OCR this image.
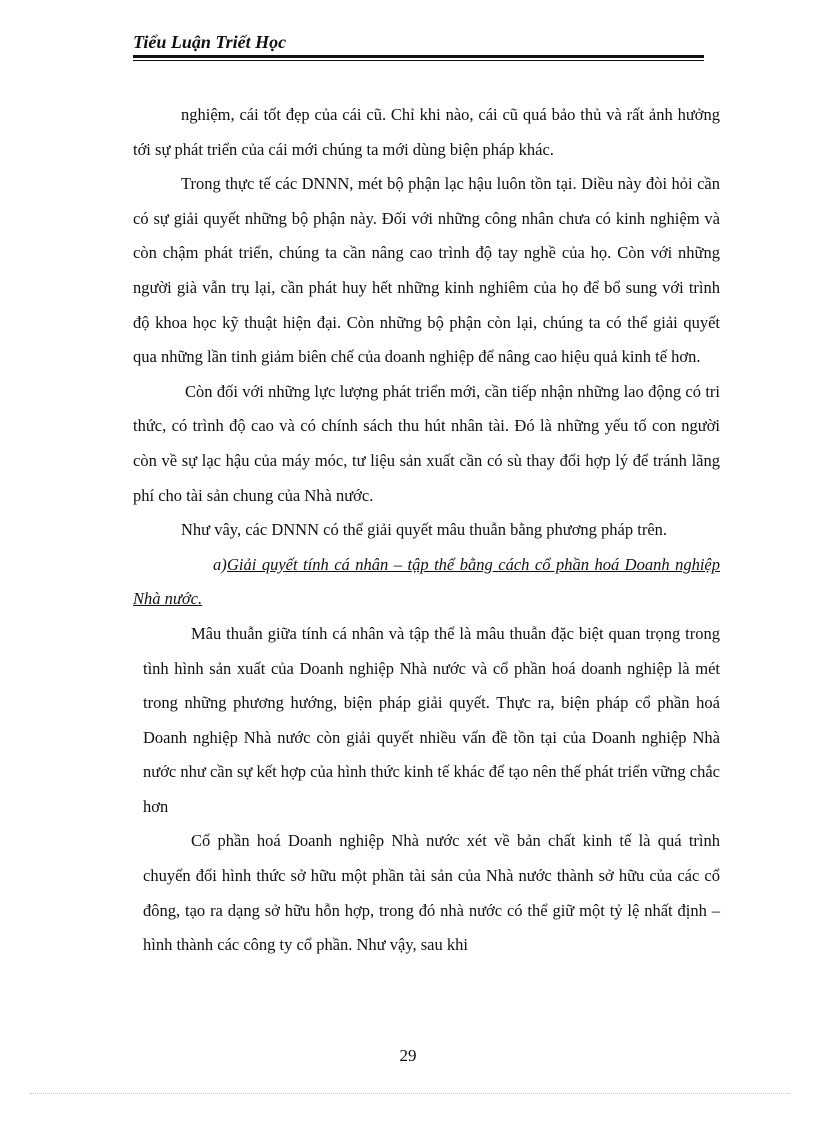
Tiểu Luận Triết Học

nghiệm, cái tốt đẹp của cái cũ. Chỉ khi nào, cái cũ quá bảo thủ và rất ảnh hưởng tới sự phát triển của cái mới chúng ta mới dùng biện pháp khác.

Trong thực tế các DNNN, mét bộ phận lạc hậu luôn tồn tại. Diều này đòi hỏi cần có sự giải quyết những bộ phận này. Đối với những công nhân chưa có kinh nghiệm và còn chậm phát triển, chúng ta cần nâng cao trình độ tay nghề của họ. Còn với những người già vẫn trụ lại, cần phát huy hết những kinh nghiêm của họ để bổ sung với trình độ khoa học kỹ thuật hiện đại. Còn những bộ phận còn lại, chúng ta có thể giải quyết qua những lần tinh giảm biên chế của doanh nghiệp để nâng cao hiệu quả kinh tế hơn.

Còn đối với những lực lượng phát triển mới, cần tiếp nhận những lao động có tri thức, có trình độ cao và có chính sách thu hút nhân tài. Đó là những yếu tố con người còn về sự lạc hậu của máy móc, tư liệu sản xuất cần có sù thay đổi hợp lý để tránh lãng phí cho tài sản chung của Nhà nước.

Như vây, các DNNN có thể giải quyết mâu thuẫn bằng phương pháp trên.

a)Giải quyết tính cá nhân – tập thể bằng cách cổ phần hoá Doanh nghiệp Nhà nước.

Mâu thuẫn giữa tính cá nhân và tập thể là mâu thuẫn đặc biệt quan trọng trong tình hình sản xuất của Doanh nghiệp Nhà nước và cổ phần hoá doanh nghiệp là mét trong những phương hướng, biện pháp giải quyết. Thực ra, biện pháp cổ phần hoá Doanh nghiệp Nhà nước còn giải quyết nhiều vấn đề tồn tại của Doanh nghiệp Nhà nước như cần sự kết hợp của hình thức kinh tế khác để tạo nên thế phát triển vững chắc hơn

Cổ phần hoá Doanh nghiệp Nhà nước xét về bản chất kinh tế là quá trình chuyển đổi hình thức sở hữu một phần tài sản của Nhà nước thành sở hữu của các cổ đông, tạo ra dạng sở hữu hỗn hợp, trong đó nhà nước có thể giữ một tỷ lệ nhất định – hình thành các công ty cổ phần. Như vậy, sau khi

29
